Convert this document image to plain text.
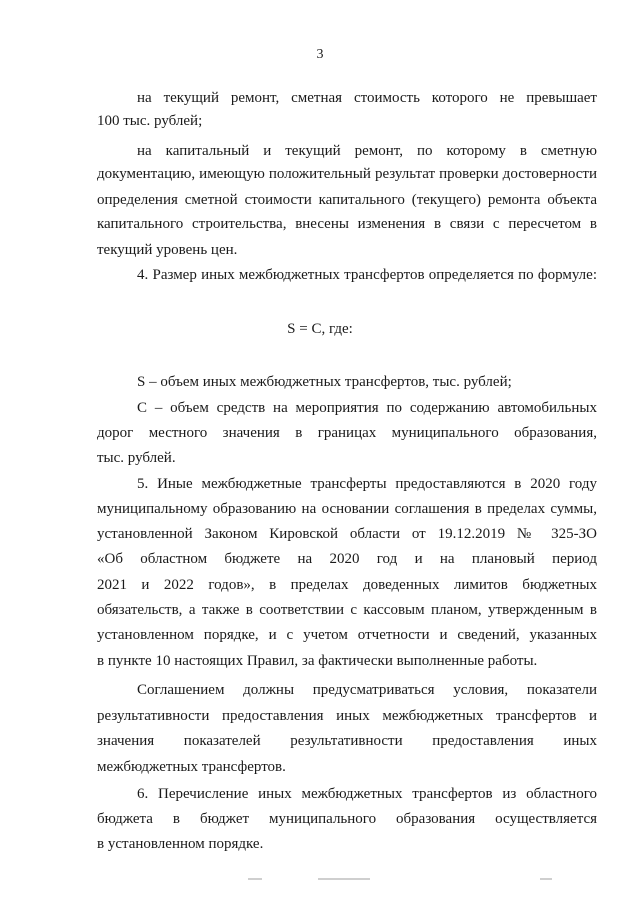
3
на текущий ремонт, сметная стоимость которого не превышает
100 тыс. рублей;
на капитальный и текущий ремонт, по которому в сметную
документацию, имеющую положительный результат проверки достоверности
определения сметной стоимости капитального (текущего) ремонта объекта
капитального строительства, внесены изменения в связи с пересчетом в
текущий уровень цен.
4. Размер иных межбюджетных трансфертов определяется по формуле:
S = C, где:
S – объем иных межбюджетных трансфертов, тыс. рублей;
C – объем средств на мероприятия по содержанию автомобильных
дорог местного значения в границах муниципального образования,
тыс. рублей.
5. Иные межбюджетные трансферты предоставляются в 2020 году
муниципальному образованию на основании соглашения в пределах суммы,
установленной Законом Кировской области от 19.12.2019 № 325-ЗО
«Об областном бюджете на 2020 год и на плановый период
2021 и 2022 годов», в пределах доведенных лимитов бюджетных
обязательств, а также в соответствии с кассовым планом, утвержденным в
установленном порядке, и с учетом отчетности и сведений, указанных
в пункте 10 настоящих Правил, за фактически выполненные работы.
Соглашением должны предусматриваться условия, показатели
результативности предоставления иных межбюджетных трансфертов и
значения показателей результативности предоставления иных
межбюджетных трансфертов.
6. Перечисление иных межбюджетных трансфертов из областного
бюджета в бюджет муниципального образования осуществляется
в установленном порядке.
